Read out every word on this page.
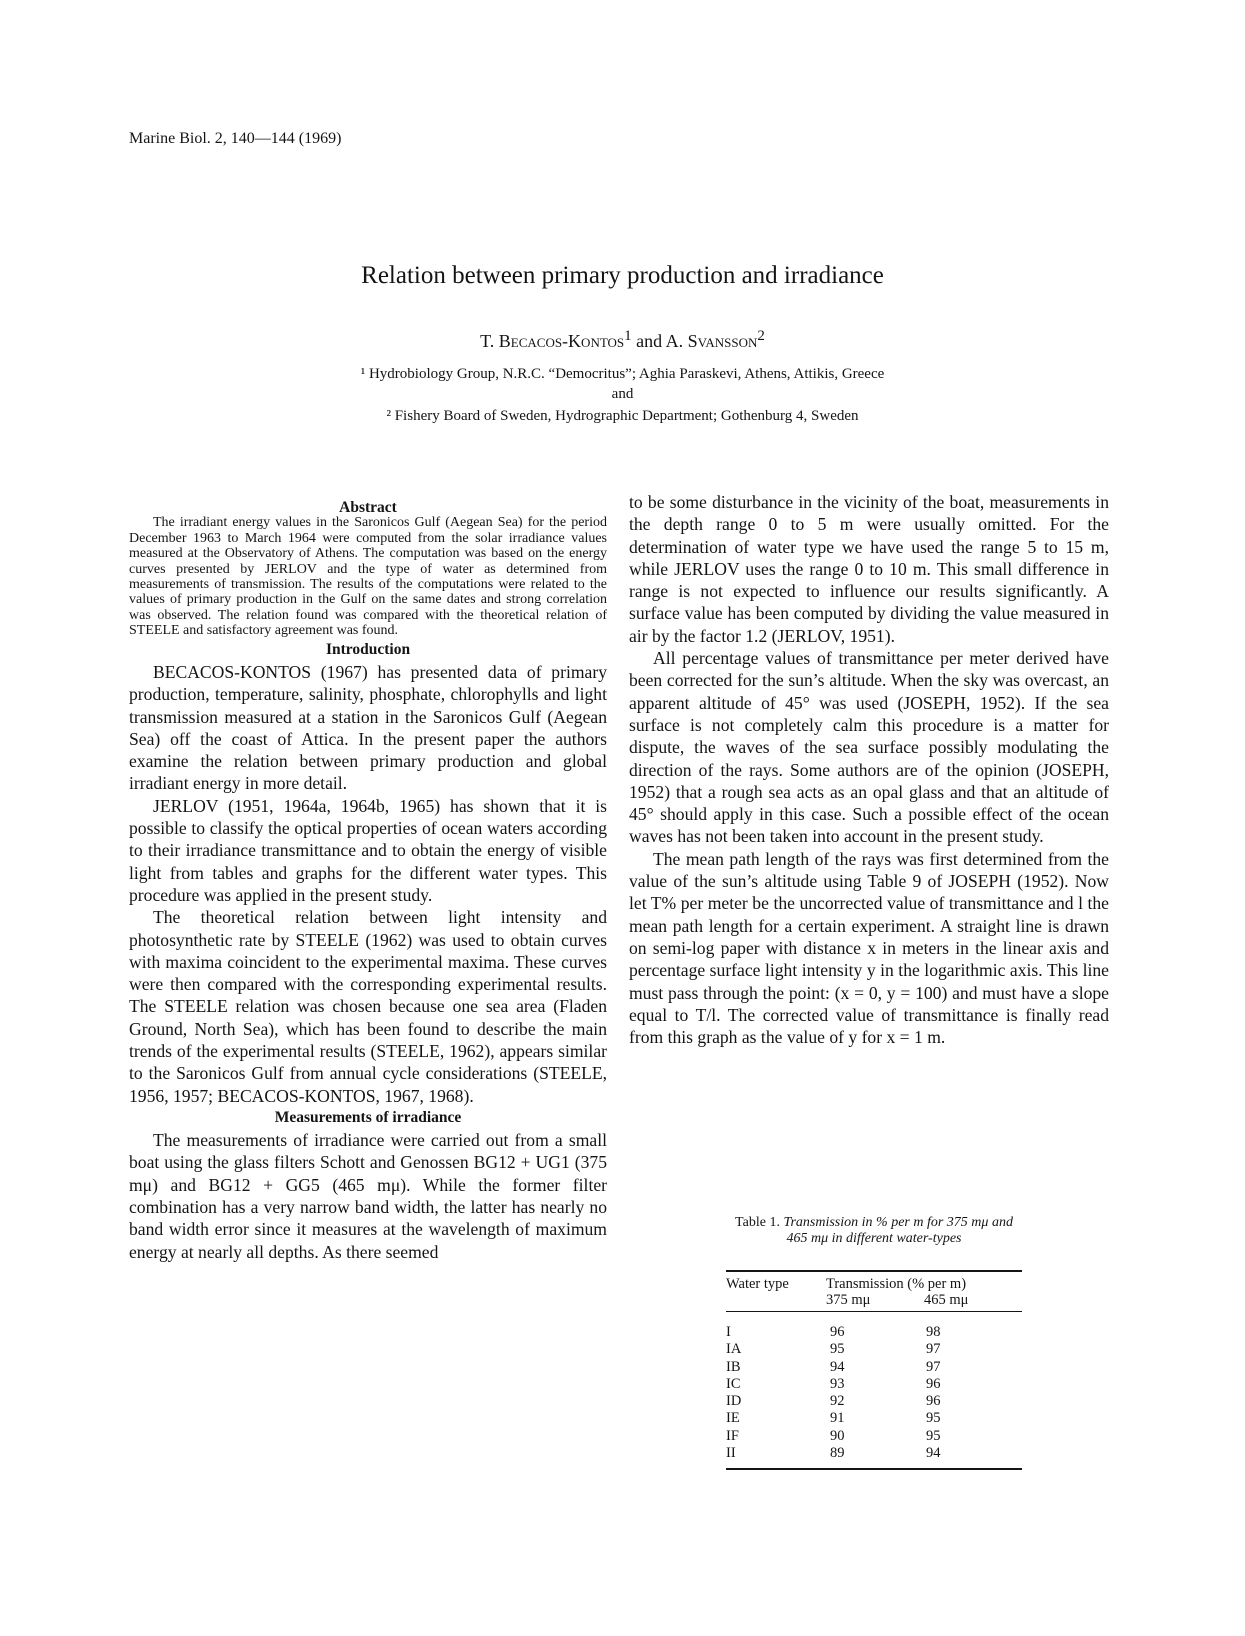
Marine Biol. 2, 140—144 (1969)
Relation between primary production and irradiance
T. Becacos-Kontos$^1$ and A. Svansson$^2$
¹ Hydrobiology Group, N.R.C. “Democritus”; Aghia Paraskevi, Athens, Attikis, Greece
and
² Fishery Board of Sweden, Hydrographic Department; Gothenburg 4, Sweden

Abstract

The irradiant energy values in the Saronicos Gulf (Aegean Sea) for the period December 1963 to March 1964 were computed from the solar irradiance values measured at the Observatory of Athens. The computation was based on the energy curves presented by JERLOV and the type of water as determined from measurements of transmission. The results of the computations were related to the values of primary production in the Gulf on the same dates and strong correlation was observed. The relation found was compared with the theoretical relation of STEELE and satisfactory agreement was found.

Introduction

BECACOS-KONTOS (1967) has presented data of primary production, temperature, salinity, phosphate, chlorophylls and light transmission measured at a station in the Saronicos Gulf (Aegean Sea) off the coast of Attica. In the present paper the authors examine the relation between primary production and global irradiant energy in more detail.

JERLOV (1951, 1964a, 1964b, 1965) has shown that it is possible to classify the optical properties of ocean waters according to their irradiance transmittance and to obtain the energy of visible light from tables and graphs for the different water types. This procedure was applied in the present study.

The theoretical relation between light intensity and photosynthetic rate by STEELE (1962) was used to obtain curves with maxima coincident to the experimental maxima. These curves were then compared with the corresponding experimental results. The STEELE relation was chosen because one sea area (Fladen Ground, North Sea), which has been found to describe the main trends of the experimental results (STEELE, 1962), appears similar to the Saronicos Gulf from annual cycle considerations (STEELE, 1956, 1957; BECACOS-KONTOS, 1967, 1968).

Measurements of irradiance

The measurements of irradiance were carried out from a small boat using the glass filters Schott and Genossen BG12 + UG1 (375 mμ) and BG12 + GG5 (465 mμ). While the former filter combination has a very narrow band width, the latter has nearly no band width error since it measures at the wavelength of maximum energy at nearly all depths. As there seemed

to be some disturbance in the vicinity of the boat, measurements in the depth range 0 to 5 m were usually omitted. For the determination of water type we have used the range 5 to 15 m, while JERLOV uses the range 0 to 10 m. This small difference in range is not expected to influence our results significantly. A surface value has been computed by dividing the value measured in air by the factor 1.2 (JERLOV, 1951).

All percentage values of transmittance per meter derived have been corrected for the sun’s altitude. When the sky was overcast, an apparent altitude of 45° was used (JOSEPH, 1952). If the sea surface is not completely calm this procedure is a matter for dispute, the waves of the sea surface possibly modulating the direction of the rays. Some authors are of the opinion (JOSEPH, 1952) that a rough sea acts as an opal glass and that an altitude of 45° should apply in this case. Such a possible effect of the ocean waves has not been taken into account in the present study.

The mean path length of the rays was first determined from the value of the sun’s altitude using Table 9 of JOSEPH (1952). Now let T% per meter be the uncorrected value of transmittance and l the mean path length for a certain experiment. A straight line is drawn on semi-log paper with distance x in meters in the linear axis and percentage surface light intensity y in the logarithmic axis. This line must pass through the point: (x = 0, y = 100) and must have a slope equal to T/l. The corrected value of transmittance is finally read from this graph as the value of y for x = 1 m.

Table 1. Transmission in % per m for 375 mμ and 465 mμ in different water-types
Water type	Transmission (% per m)
375 mμ	465 mμ
I	96	98
IA	95	97
IB	94	97
IC	93	96
ID	92	96
IE	91	95
IF	90	95
II	89	94
